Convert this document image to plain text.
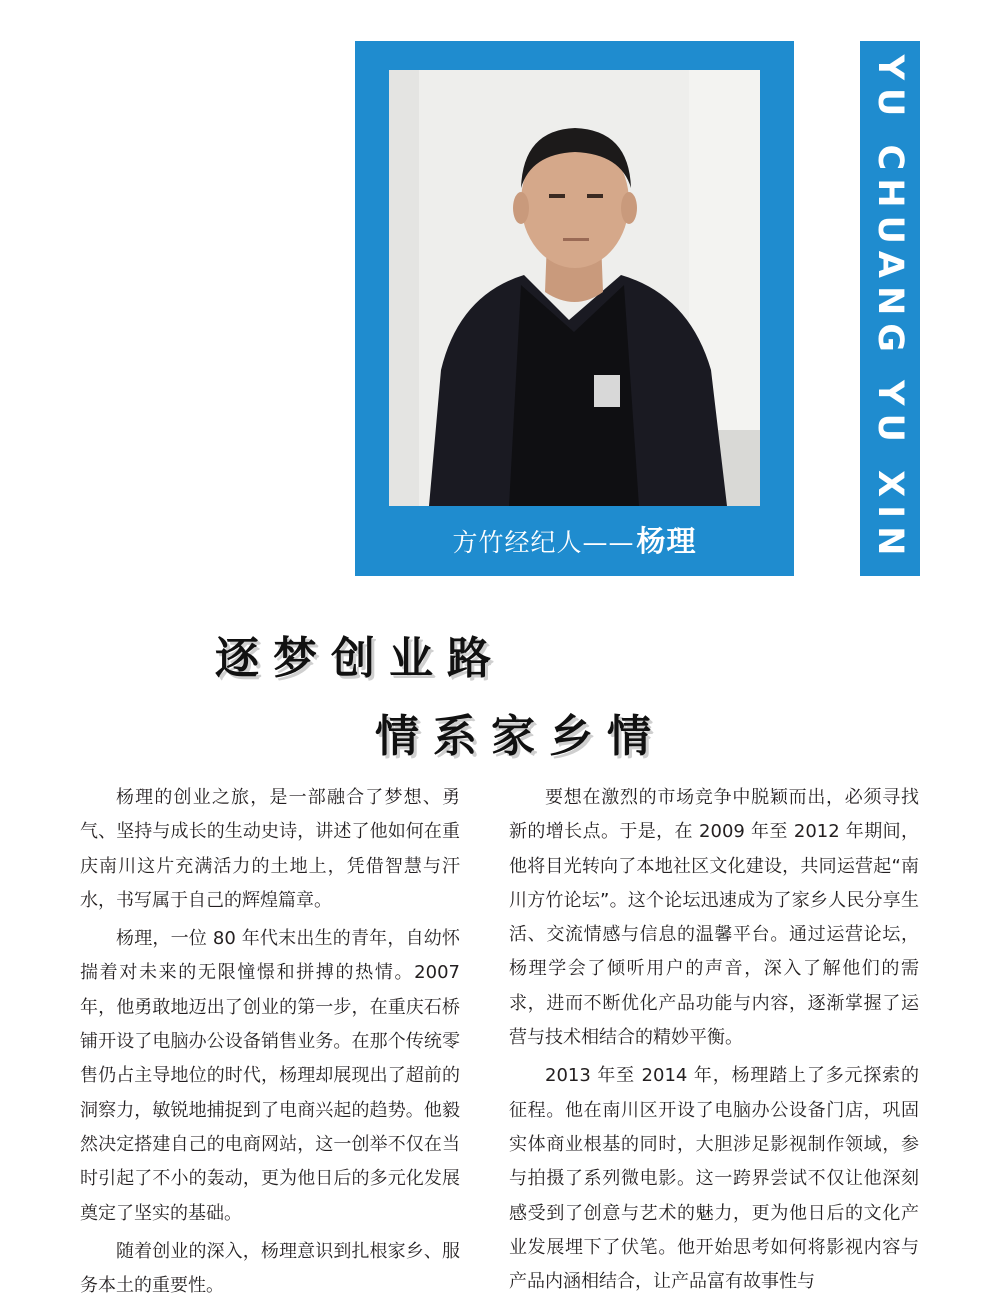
方竹经纪人——杨理	YU CHUANG YU XIN
逐梦创业路
情系家乡情

杨理的创业之旅，是一部融合了梦想、勇气、坚持与成长的生动史诗，讲述了他如何在重庆南川这片充满活力的土地上，凭借智慧与汗水，书写属于自己的辉煌篇章。

杨理，一位 80 年代末出生的青年，自幼怀揣着对未来的无限憧憬和拼搏的热情。2007 年，他勇敢地迈出了创业的第一步，在重庆石桥铺开设了电脑办公设备销售业务。在那个传统零售仍占主导地位的时代，杨理却展现出了超前的洞察力，敏锐地捕捉到了电商兴起的趋势。他毅然决定搭建自己的电商网站，这一创举不仅在当时引起了不小的轰动，更为他日后的多元化发展奠定了坚实的基础。

随着创业的深入，杨理意识到扎根家乡、服务本土的重要性。

要想在激烈的市场竞争中脱颖而出，必须寻找新的增长点。于是，在 2009 年至 2012 年期间，他将目光转向了本地社区文化建设，共同运营起“南川方竹论坛”。这个论坛迅速成为了家乡人民分享生活、交流情感与信息的温馨平台。通过运营论坛，杨理学会了倾听用户的声音，深入了解他们的需求，进而不断优化产品功能与内容，逐渐掌握了运营与技术相结合的精妙平衡。

2013 年至 2014 年，杨理踏上了多元探索的征程。他在南川区开设了电脑办公设备门店，巩固实体商业根基的同时，大胆涉足影视制作领域，参与拍摄了系列微电影。这一跨界尝试不仅让他深刻感受到了创意与艺术的魅力，更为他日后的文化产业发展埋下了伏笔。他开始思考如何将影视内容与产品内涵相结合，让产品富有故事性与
